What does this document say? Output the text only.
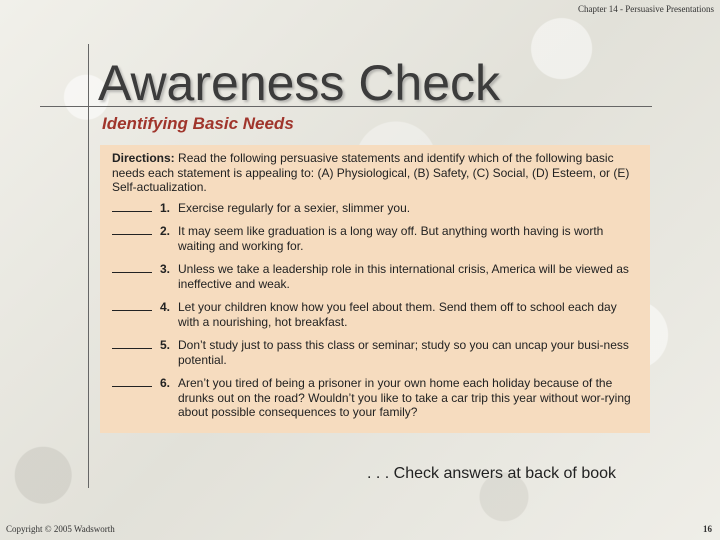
Chapter 14 - Persuasive Presentations
Awareness Check
Identifying Basic Needs

Directions: Read the following persuasive statements and identify which of the following basic needs each statement is appealing to: (A) Physiological, (B) Safety, (C) Social, (D) Esteem, or (E) Self-actualization.

1. Exercise regularly for a sexier, slimmer you.
2. It may seem like graduation is a long way off. But anything worth having is worth waiting and working for.
3. Unless we take a leadership role in this international crisis, America will be viewed as ineffective and weak.
4. Let your children know how you feel about them. Send them off to school each day with a nourishing, hot breakfast.
5. Don’t study just to pass this class or seminar; study so you can uncap your busi-ness potential.
6. Aren’t you tired of being a prisoner in your own home each holiday because of the drunks out on the road? Wouldn’t you like to take a car trip this year without wor-rying about possible consequences to your family?
. . . Check answers at back of book
Copyright © 2005 Wadsworth	16
